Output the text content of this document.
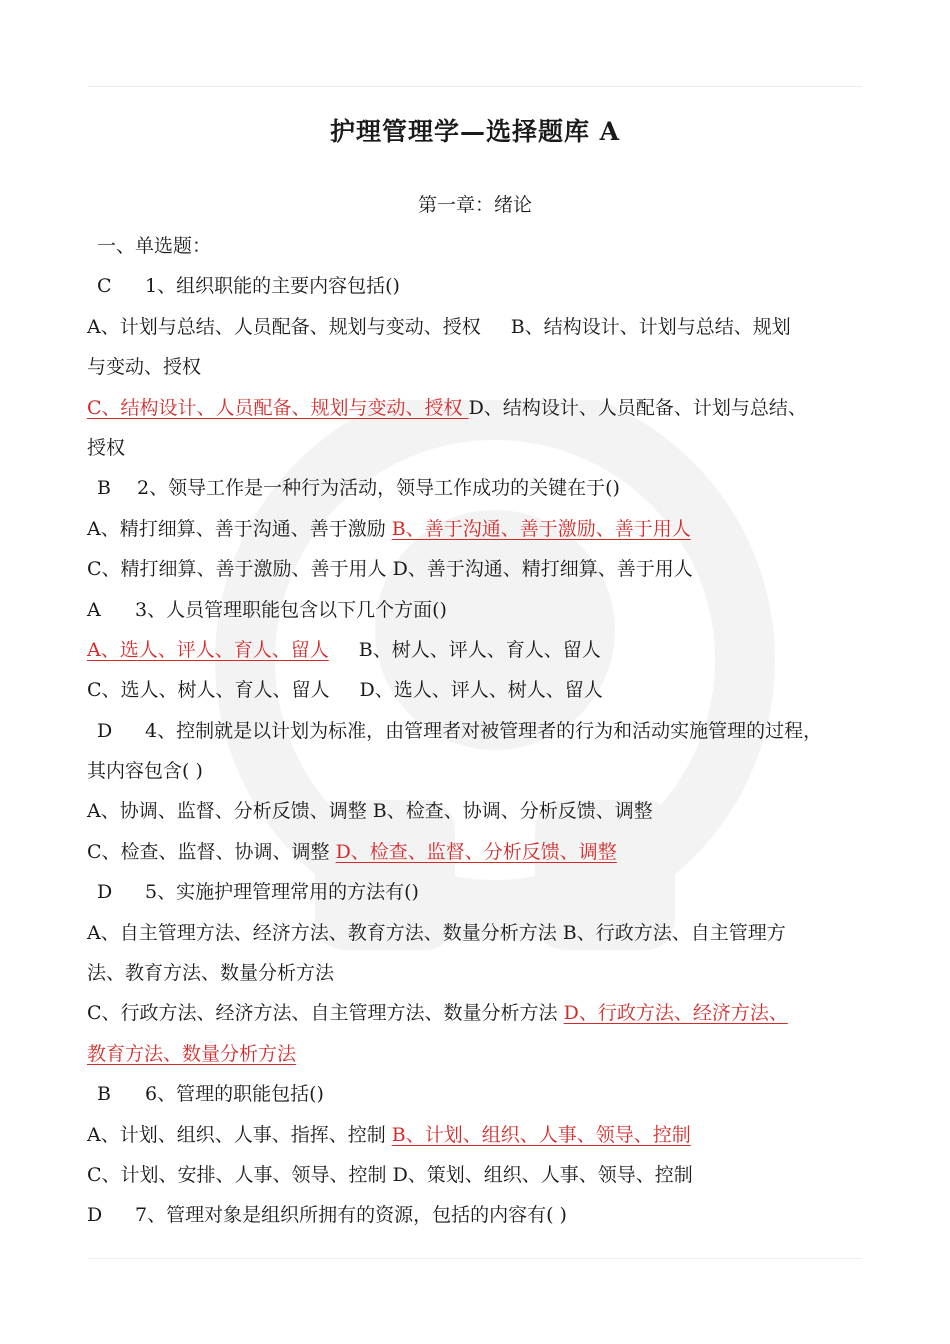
护理管理学—选择题库 A
第一章：绪论
一、单选题：
C 1、组织职能的主要内容包括()
A、计划与总结、人员配备、规划与变动、授权 B、结构设计、计划与总结、规划
与变动、授权
C、结构设计、人员配备、规划与变动、授权 D、结构设计、人员配备、计划与总结、
授权
B 2、领导工作是一种行为活动，领导工作成功的关键在于()
A、精打细算、善于沟通、善于激励 B、善于沟通、善于激励、善于用人
C、精打细算、善于激励、善于用人 D、善于沟通、精打细算、善于用人
A 3、人员管理职能包含以下几个方面()
A、选人、评人、育人、留人 B、树人、评人、育人、留人
C、选人、树人、育人、留人 D、选人、评人、树人、留人
D 4、控制就是以计划为标准，由管理者对被管理者的行为和活动实施管理的过程，
其内容包含( )
A、协调、监督、分析反馈、调整 B、检查、协调、分析反馈、调整
C、检查、监督、协调、调整 D、检查、监督、分析反馈、调整
D 5、实施护理管理常用的方法有()
A、自主管理方法、经济方法、教育方法、数量分析方法 B、行政方法、自主管理方
法、教育方法、数量分析方法
C、行政方法、经济方法、自主管理方法、数量分析方法 D、行政方法、经济方法、
教育方法、数量分析方法
B 6、管理的职能包括()
A、计划、组织、人事、指挥、控制 B、计划、组织、人事、领导、控制
C、计划、安排、人事、领导、控制 D、策划、组织、人事、领导、控制
D 7、管理对象是组织所拥有的资源，包括的内容有( )
